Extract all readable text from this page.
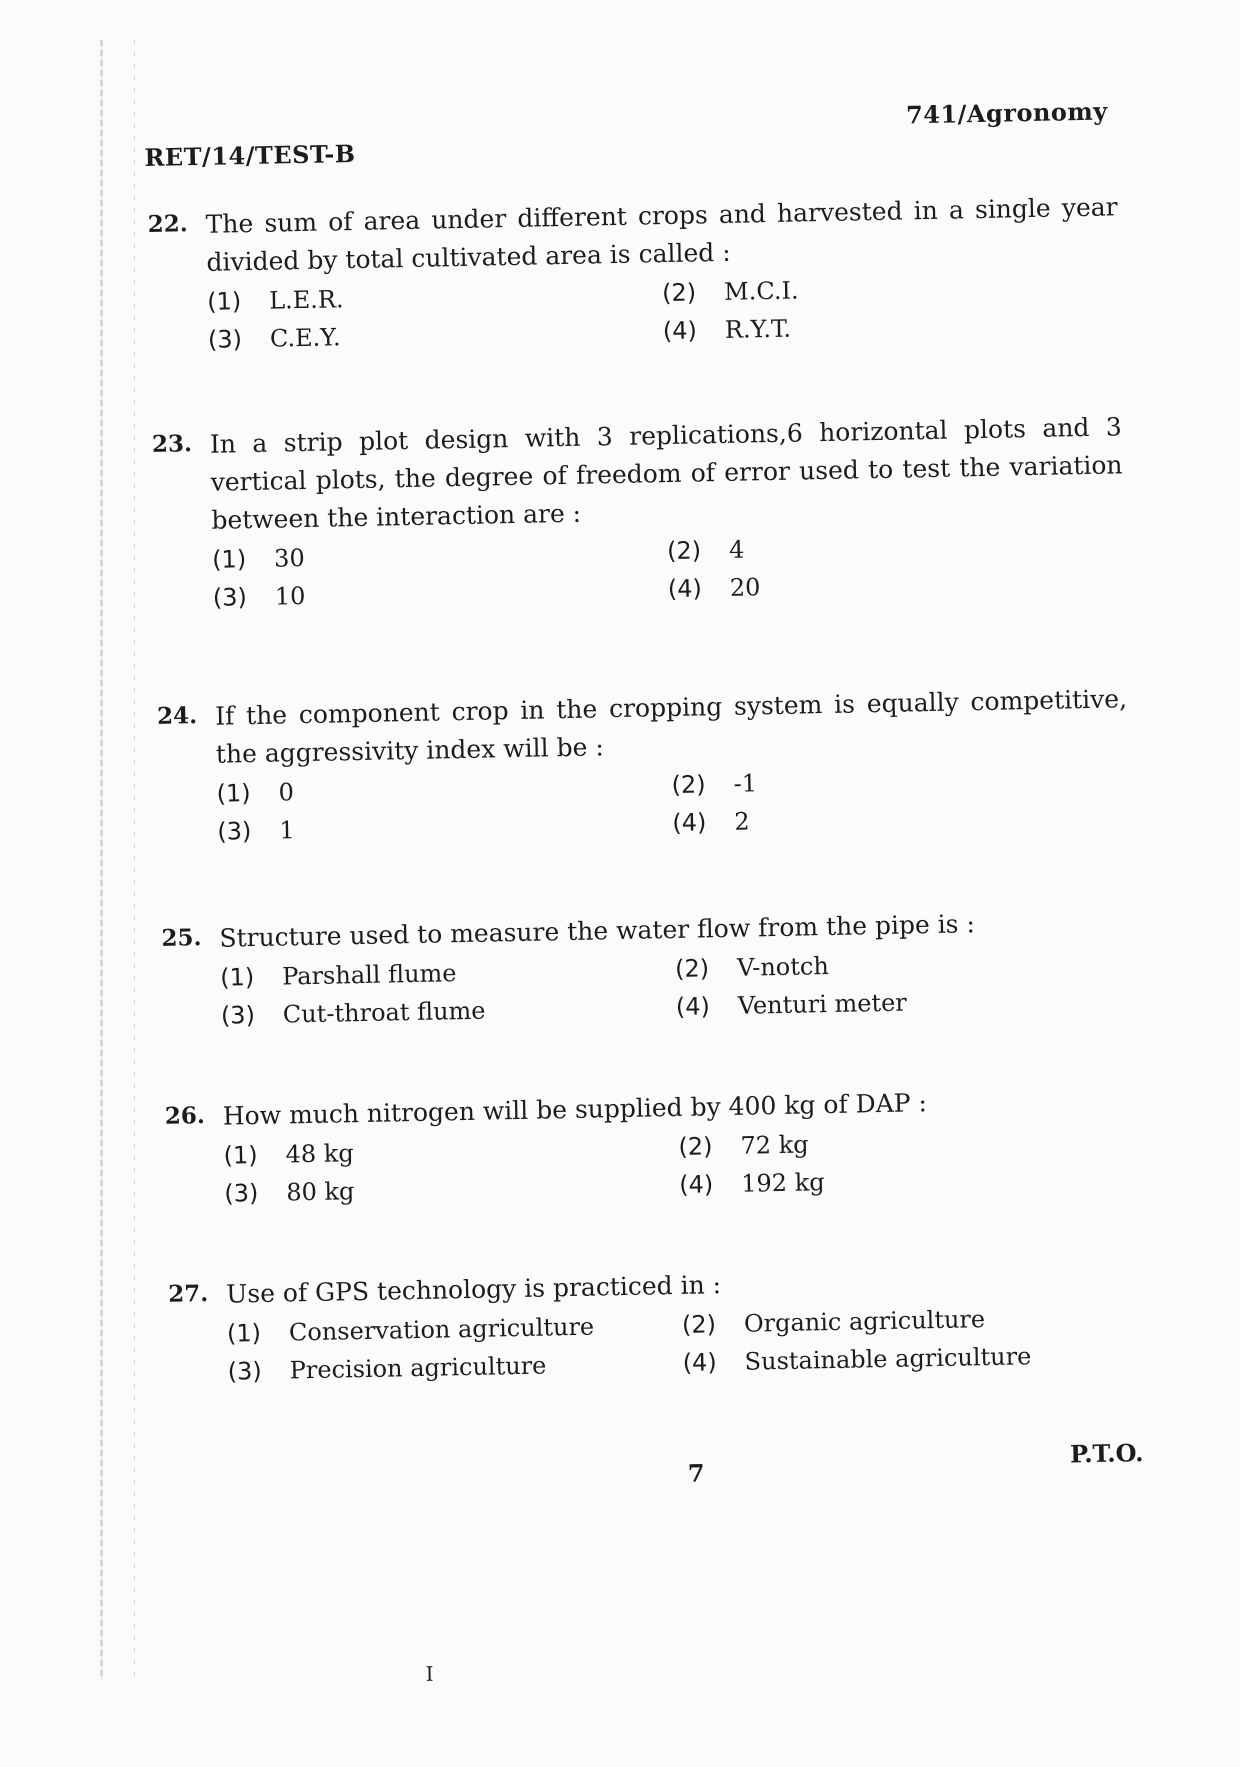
RET/14/TEST-B
741/Agronomy
22. The sum of area under different crops and harvested in a single year divided by total cultivated area is called :
(1)	L.E.R.	(2)	M.C.I.
(3)	C.E.Y.	(4)	R.Y.T.
23. In a strip plot design with 3 replications,6 horizontal plots and 3 vertical plots, the degree of freedom of error used to test the variation between the interaction are :
(1)	30	(2)	4
(3)	10	(4)	20
24. If the component crop in the cropping system is equally competitive, the aggressivity index will be :
(1)	0	(2)	-1
(3)	1	(4)	2
25. Structure used to measure the water flow from the pipe is :
(1)	Parshall flume	(2)	V-notch
(3)	Cut-throat flume	(4)	Venturi meter
26. How much nitrogen will be supplied by 400 kg of DAP :
(1)	48 kg	(2)	72 kg
(3)	80 kg	(4)	192 kg
27. Use of GPS technology is practiced in :
(1)	Conservation agriculture	(2)	Organic agriculture
(3)	Precision agriculture	(4)	Sustainable agriculture
7
P.T.O.
I
